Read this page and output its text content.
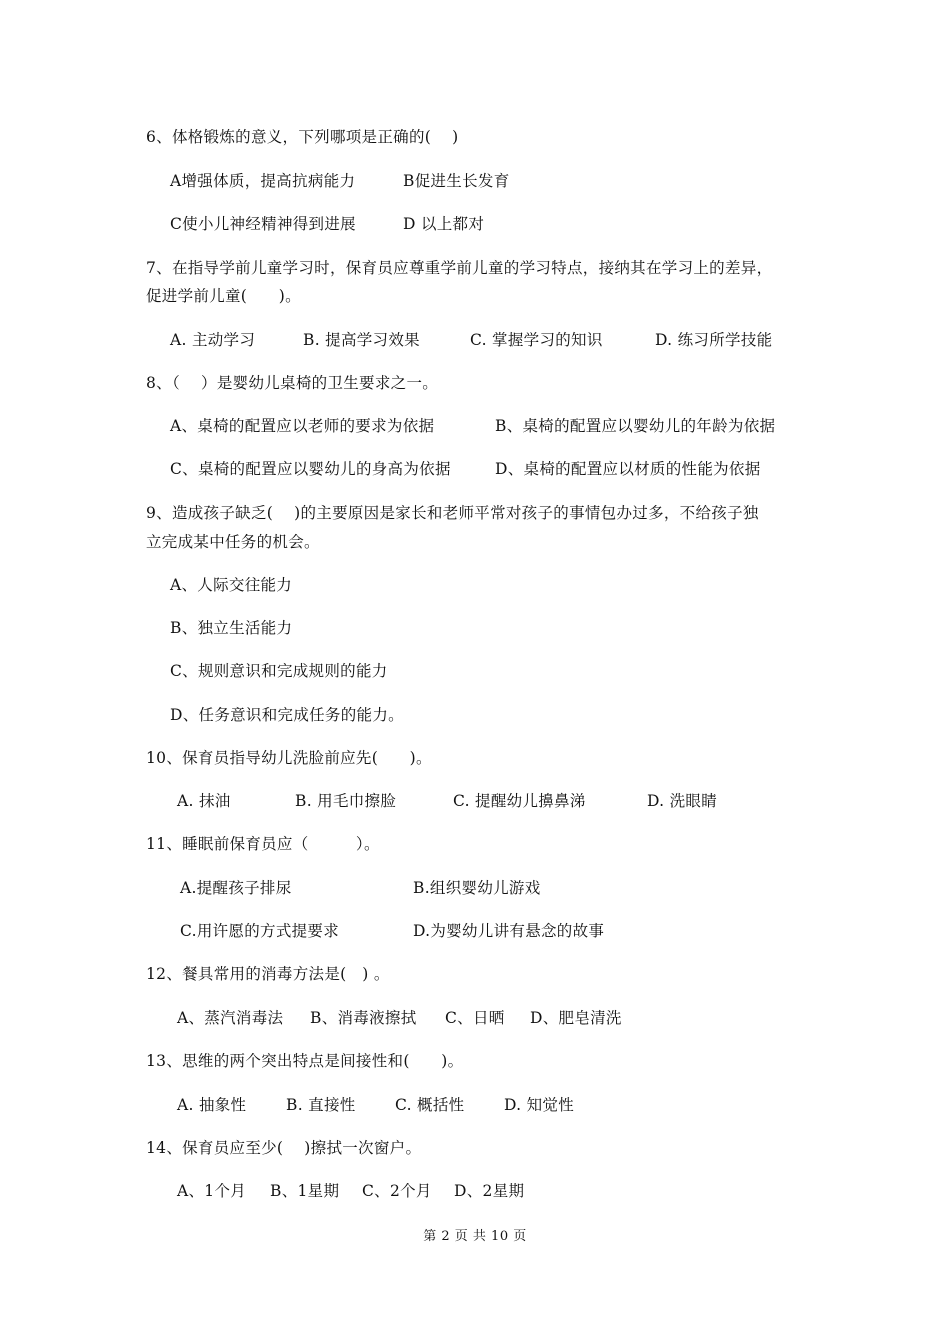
6、体格锻炼的意义，下列哪项是正确的(　 )
A增强体质，提高抗病能力	B促进生长发育
C使小儿神经精神得到进展	D 以上都对
7、在指导学前儿童学习时，保育员应尊重学前儿童的学习特点，接纳其在学习上的差异，
促进学前儿童(　　)。
A. 主动学习	B. 提高学习效果	C. 掌握学习的知识	D. 练习所学技能
8、（　 ）是婴幼儿桌椅的卫生要求之一。
A、桌椅的配置应以老师的要求为依据	B、桌椅的配置应以婴幼儿的年龄为依据
C、桌椅的配置应以婴幼儿的身高为依据	D、桌椅的配置应以材质的性能为依据
9、造成孩子缺乏(　 )的主要原因是家长和老师平常对孩子的事情包办过多，不给孩子独
立完成某中任务的机会。
A、人际交往能力
B、独立生活能力
C、规则意识和完成规则的能力
D、任务意识和完成任务的能力。
10、保育员指导幼儿洗脸前应先(　　)。
A. 抹油	B. 用毛巾擦脸	C. 提醒幼儿擤鼻涕	D. 洗眼睛
11、睡眠前保育员应（　　　）。
A.提醒孩子排尿	B.组织婴幼儿游戏
C.用许愿的方式提要求	D.为婴幼儿讲有悬念的故事
12、餐具常用的消毒方法是(　) 。
A、蒸汽消毒法 B、消毒液擦拭 C、日晒 D、肥皂清洗
13、思维的两个突出特点是间接性和(　　)。
A. 抽象性	B. 直接性	C. 概括性	D. 知觉性
14、保育员应至少(　 )擦拭一次窗户。
A、1个月 B、1星期 C、2个月 D、2星期
第 2 页 共 10 页
